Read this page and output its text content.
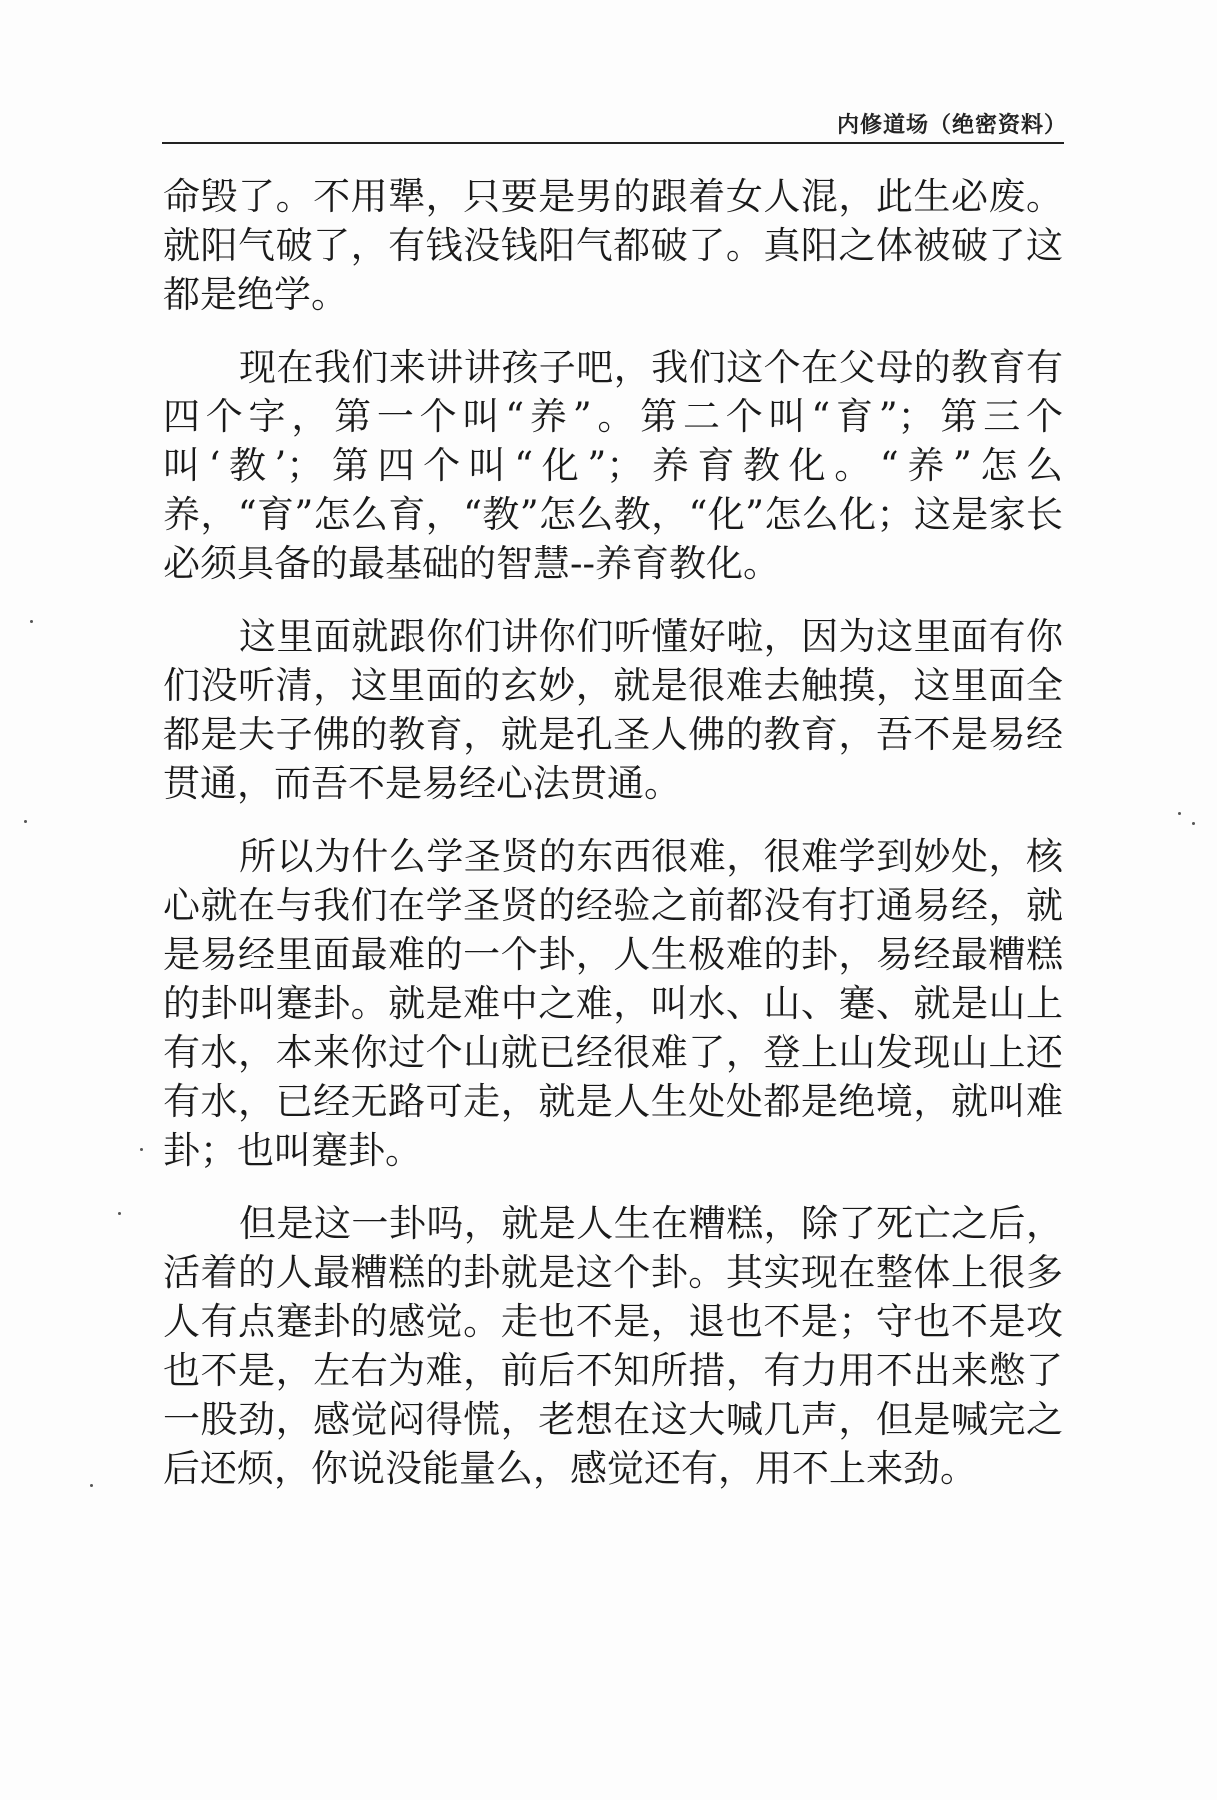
内修道场（绝密资料）

命毁了。不用犟，只要是男的跟着女人混，此生必废。就阳气破了，有钱没钱阳气都破了。真阳之体被破了这都是绝学。

现在我们来讲讲孩子吧，我们这个在父母的教育有四个字，第一个叫“养”。第二个叫“育”；第三个叫‘教’；第四个叫“化”；养育教化。“养”怎么养，“育”怎么育，“教”怎么教，“化”怎么化；这是家长必须具备的最基础的智慧--养育教化。

这里面就跟你们讲你们听懂好啦，因为这里面有你们没听清，这里面的玄妙，就是很难去触摸，这里面全都是夫子佛的教育，就是孔圣人佛的教育，吾不是易经贯通，而吾不是易经心法贯通。

所以为什么学圣贤的东西很难，很难学到妙处，核心就在与我们在学圣贤的经验之前都没有打通易经，就是易经里面最难的一个卦，人生极难的卦，易经最糟糕的卦叫蹇卦。就是难中之难，叫水、山、蹇、就是山上有水，本来你过个山就已经很难了，登上山发现山上还有水，已经无路可走，就是人生处处都是绝境，就叫难卦；也叫蹇卦。

但是这一卦吗，就是人生在糟糕，除了死亡之后，活着的人最糟糕的卦就是这个卦。其实现在整体上很多人有点蹇卦的感觉。走也不是，退也不是；守也不是攻也不是，左右为难，前后不知所措，有力用不出来憋了一股劲，感觉闷得慌，老想在这大喊几声，但是喊完之后还烦，你说没能量么，感觉还有，用不上来劲。
